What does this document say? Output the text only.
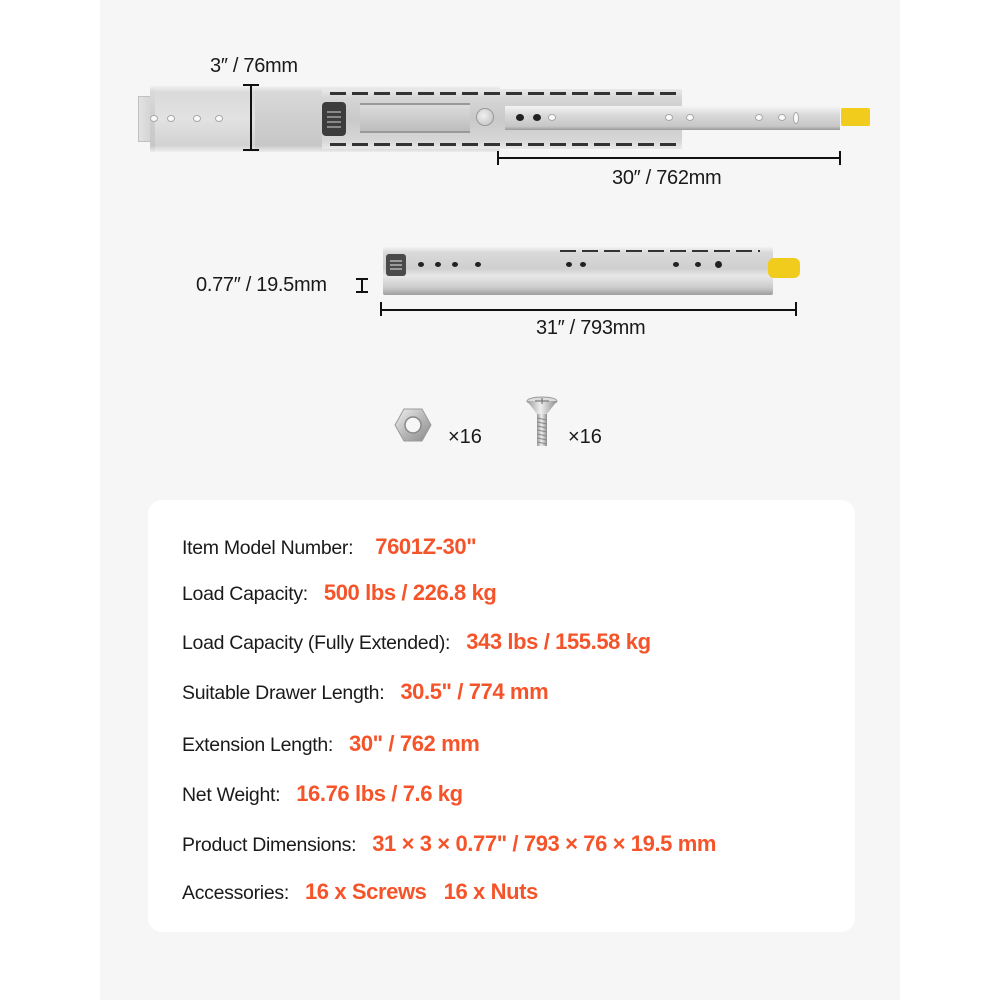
3″ / 76mm
30″ / 762mm
0.77″ / 19.5mm
31″ / 793mm
×16	×16
Item Model Number: 7601Z-30"
Load Capacity: 500 lbs / 226.8 kg
Load Capacity (Fully Extended): 343 lbs / 155.58 kg
Suitable Drawer Length: 30.5" / 774 mm
Extension Length: 30" / 762 mm
Net Weight: 16.76 lbs / 7.6 kg
Product Dimensions: 31 × 3 × 0.77" / 793 × 76 × 19.5 mm
Accessories: 16 x Screws   16 x Nuts
